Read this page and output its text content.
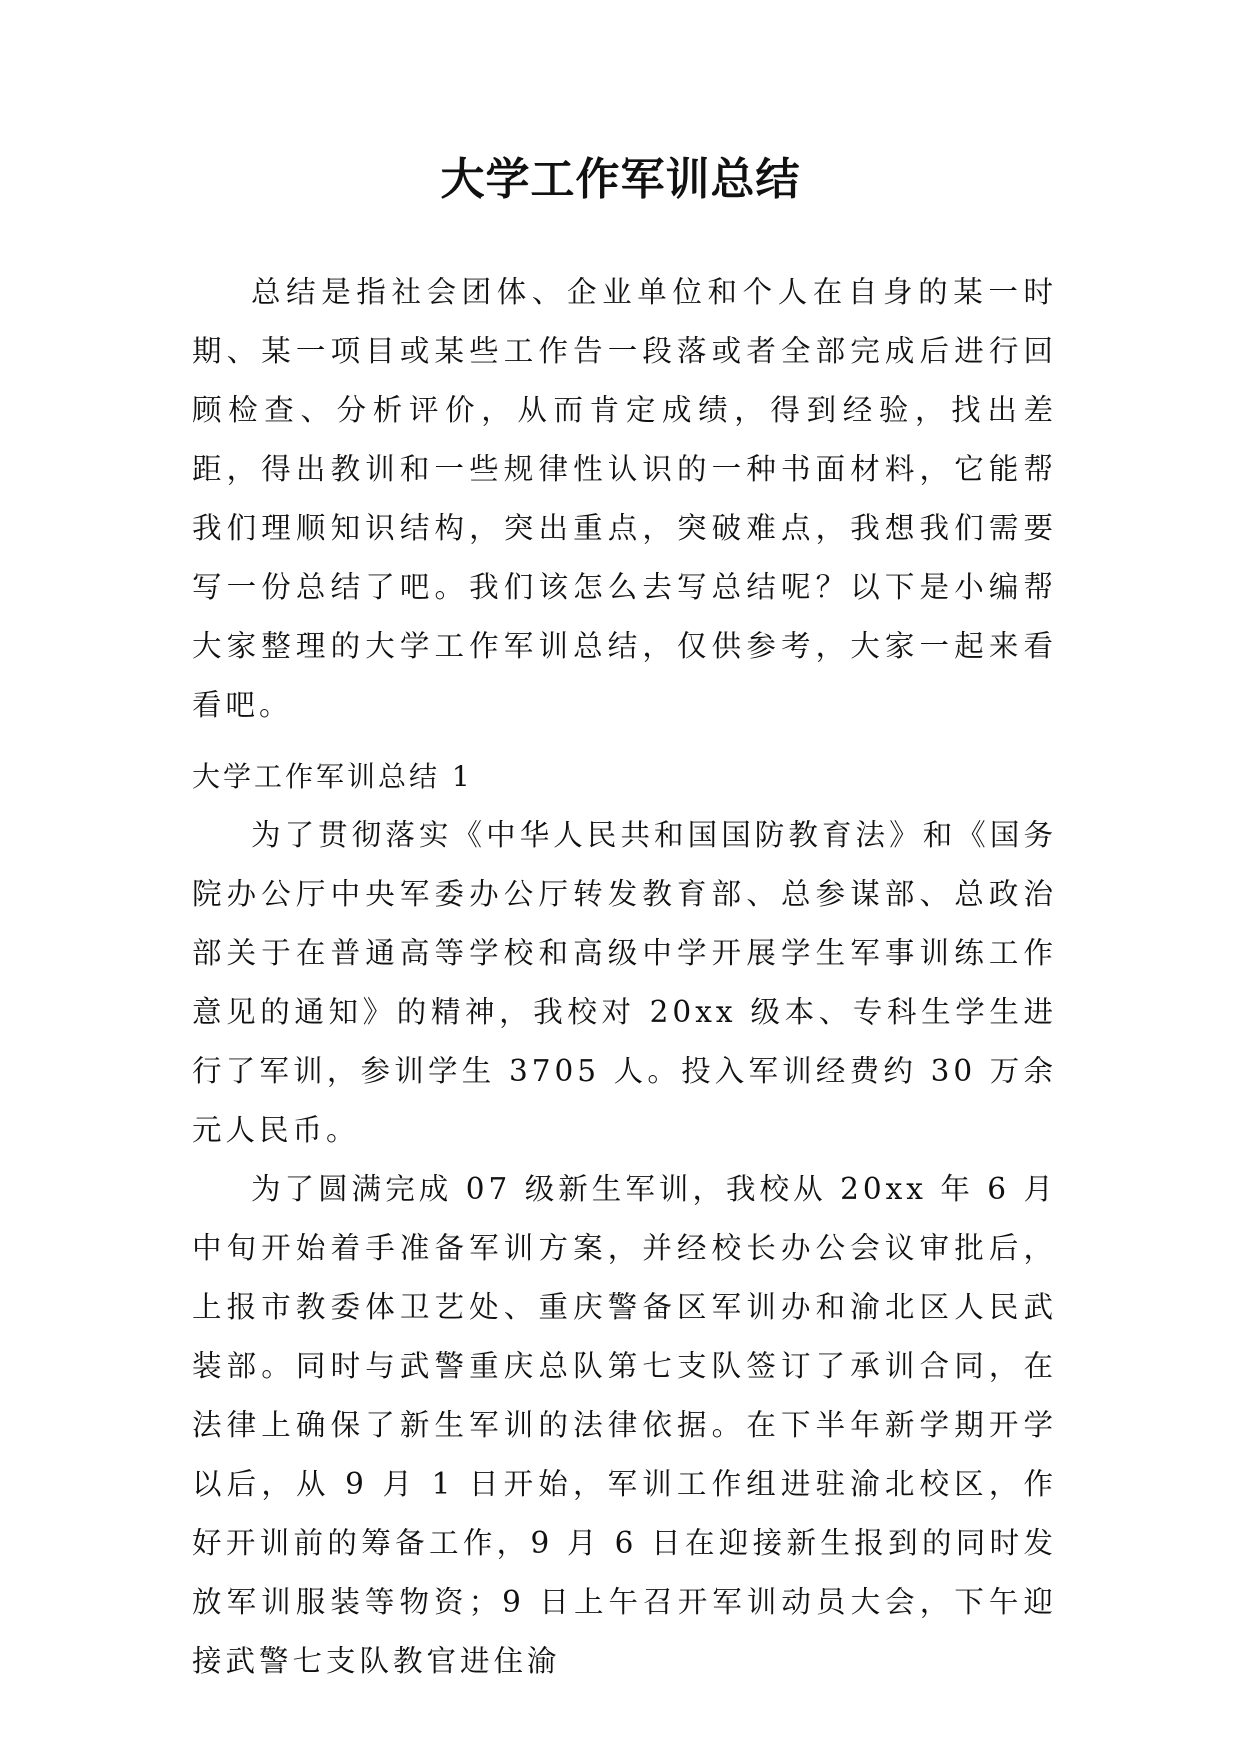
大学工作军训总结

总结是指社会团体、企业单位和个人在自身的某一时期、某一项目或某些工作告一段落或者全部完成后进行回顾检查、分析评价，从而肯定成绩，得到经验，找出差距，得出教训和一些规律性认识的一种书面材料，它能帮我们理顺知识结构，突出重点，突破难点，我想我们需要写一份总结了吧。我们该怎么去写总结呢？以下是小编帮大家整理的大学工作军训总结，仅供参考，大家一起来看看吧。

大学工作军训总结 1

为了贯彻落实《中华人民共和国国防教育法》和《国务院办公厅中央军委办公厅转发教育部、总参谋部、总政治部关于在普通高等学校和高级中学开展学生军事训练工作意见的通知》的精神，我校对 20xx 级本、专科生学生进行了军训，参训学生 3705 人。投入军训经费约 30 万余元人民币。

为了圆满完成 07 级新生军训，我校从 20xx 年 6 月中旬开始着手准备军训方案，并经校长办公会议审批后，上报市教委体卫艺处、重庆警备区军训办和渝北区人民武装部。同时与武警重庆总队第七支队签订了承训合同，在法律上确保了新生军训的法律依据。在下半年新学期开学以后，从 9 月 1 日开始，军训工作组进驻渝北校区，作好开训前的筹备工作，9 月 6 日在迎接新生报到的同时发放军训服装等物资；9 日上午召开军训动员大会，下午迎接武警七支队教官进住渝
